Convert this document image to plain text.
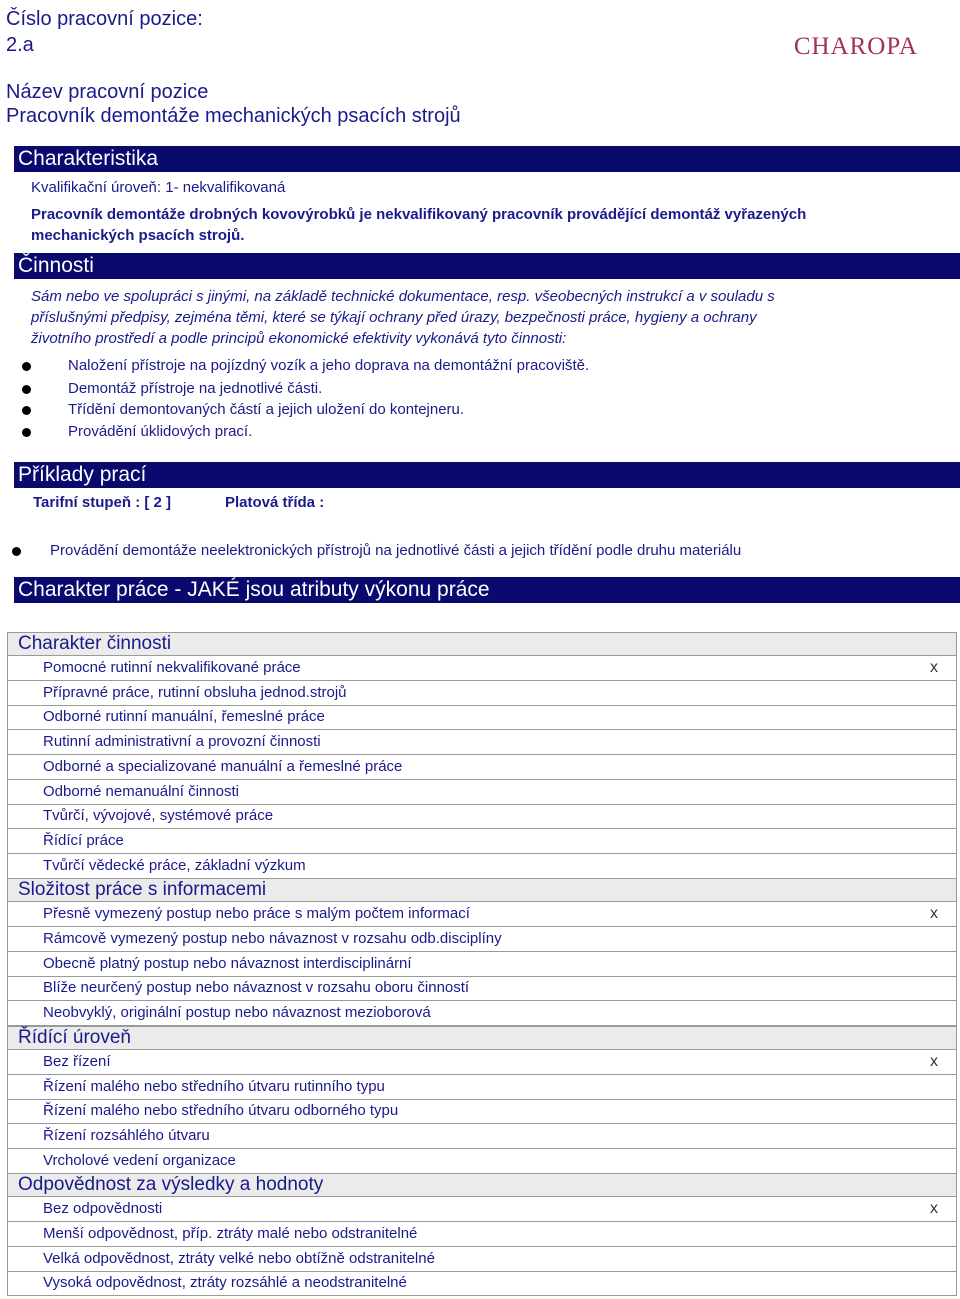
Číslo pracovní pozice:
2.a	CHAROPA
Název pracovní pozice
Pracovník demontáže mechanických psacích strojů
Charakteristika
Kvalifikační úroveň: 1- nekvalifikovaná
Pracovník demontáže drobných kovovýrobků je nekvalifikovaný pracovník provádějící demontáž vyřazených
mechanických psacích strojů.
Činnosti
Sám nebo ve spolupráci s jinými, na základě technické dokumentace, resp. všeobecných instrukcí a v souladu s
příslušnými předpisy, zejména těmi, které se týkají ochrany před úrazy, bezpečnosti práce, hygieny a ochrany
životního prostředí a podle principů ekonomické efektivity vykonává tyto činnosti:
Naložení přístroje na pojízdný vozík a jeho doprava na demontážní pracoviště.
Demontáž přístroje na jednotlivé části.
Třídění demontovaných částí a jejich uložení do kontejneru.
Provádění úklidových prací.
Příklady prací
Tarifní stupeň : [ 2 ]	Platová třída :
Provádění demontáže neelektronických přístrojů na jednotlivé části a jejich třídění podle druhu materiálu
Charakter práce - JAKÉ jsou atributy výkonu práce
Charakter činnosti
Pomocné rutinní nekvalifikované práce	x
Přípravné práce, rutinní obsluha jednod.strojů
Odborné rutinní manuální, řemeslné práce
Rutinní administrativní a provozní činnosti
Odborné a specializované manuální a řemeslné práce
Odborné nemanuální činnosti
Tvůrčí, vývojové, systémové práce
Řídící práce
Tvůrčí vědecké práce, základní výzkum
Složitost práce s informacemi
Přesně vymezený postup nebo práce s malým počtem informací	x
Rámcově vymezený postup nebo návaznost v rozsahu odb.disciplíny
Obecně platný postup nebo návaznost interdisciplinární
Blíže neurčený postup nebo návaznost v rozsahu oboru činností
Neobvyklý, originální postup nebo návaznost mezioborová
Řídící úroveň
Bez řízení	x
Řízení malého nebo středního útvaru rutinního typu
Řízení malého nebo středního útvaru odborného typu
Řízení rozsáhlého útvaru
Vrcholové vedení organizace
Odpovědnost za výsledky a hodnoty
Bez odpovědnosti	x
Menší odpovědnost, příp. ztráty malé nebo odstranitelné
Velká odpovědnost, ztráty velké nebo obtížně odstranitelné
Vysoká odpovědnost, ztráty rozsáhlé a neodstranitelné
